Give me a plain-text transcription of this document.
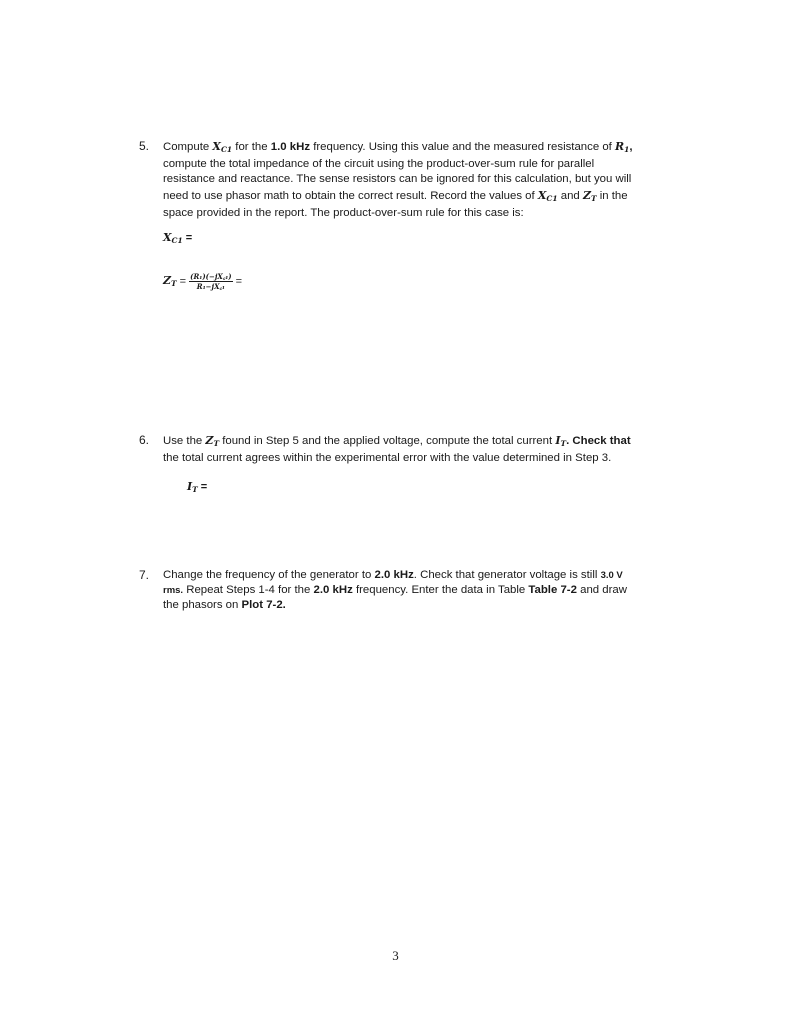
5. Compute $X_{C1}$ for the 1.0 kHz frequency. Using this value and the measured resistance of $R_1$,
compute the total impedance of the circuit using the product-over-sum rule for parallel
resistance and reactance. The sense resistors can be ignored for this calculation, but you will
need to use phasor math to obtain the correct result. Record the values of $X_{C1}$ and $Z_T$ in the
space provided in the report. The product-over-sum rule for this case is:
$X_{C1}$ =
$Z_T = \frac{\text{(R₁)(−jX꜀₁)}}{\text{R₁−jX꜀₁}}$ =
6. Use the $Z_T$ found in Step 5 and the applied voltage, compute the total current $I_T$. Check that
the total current agrees within the experimental error with the value determined in Step 3.
$I_T$ =
7. Change the frequency of the generator to 2.0 kHz. Check that generator voltage is still 3.0 V
rms. Repeat Steps 1-4 for the 2.0 kHz frequency. Enter the data in Table Table 7-2 and draw
the phasors on Plot 7-2.
3
